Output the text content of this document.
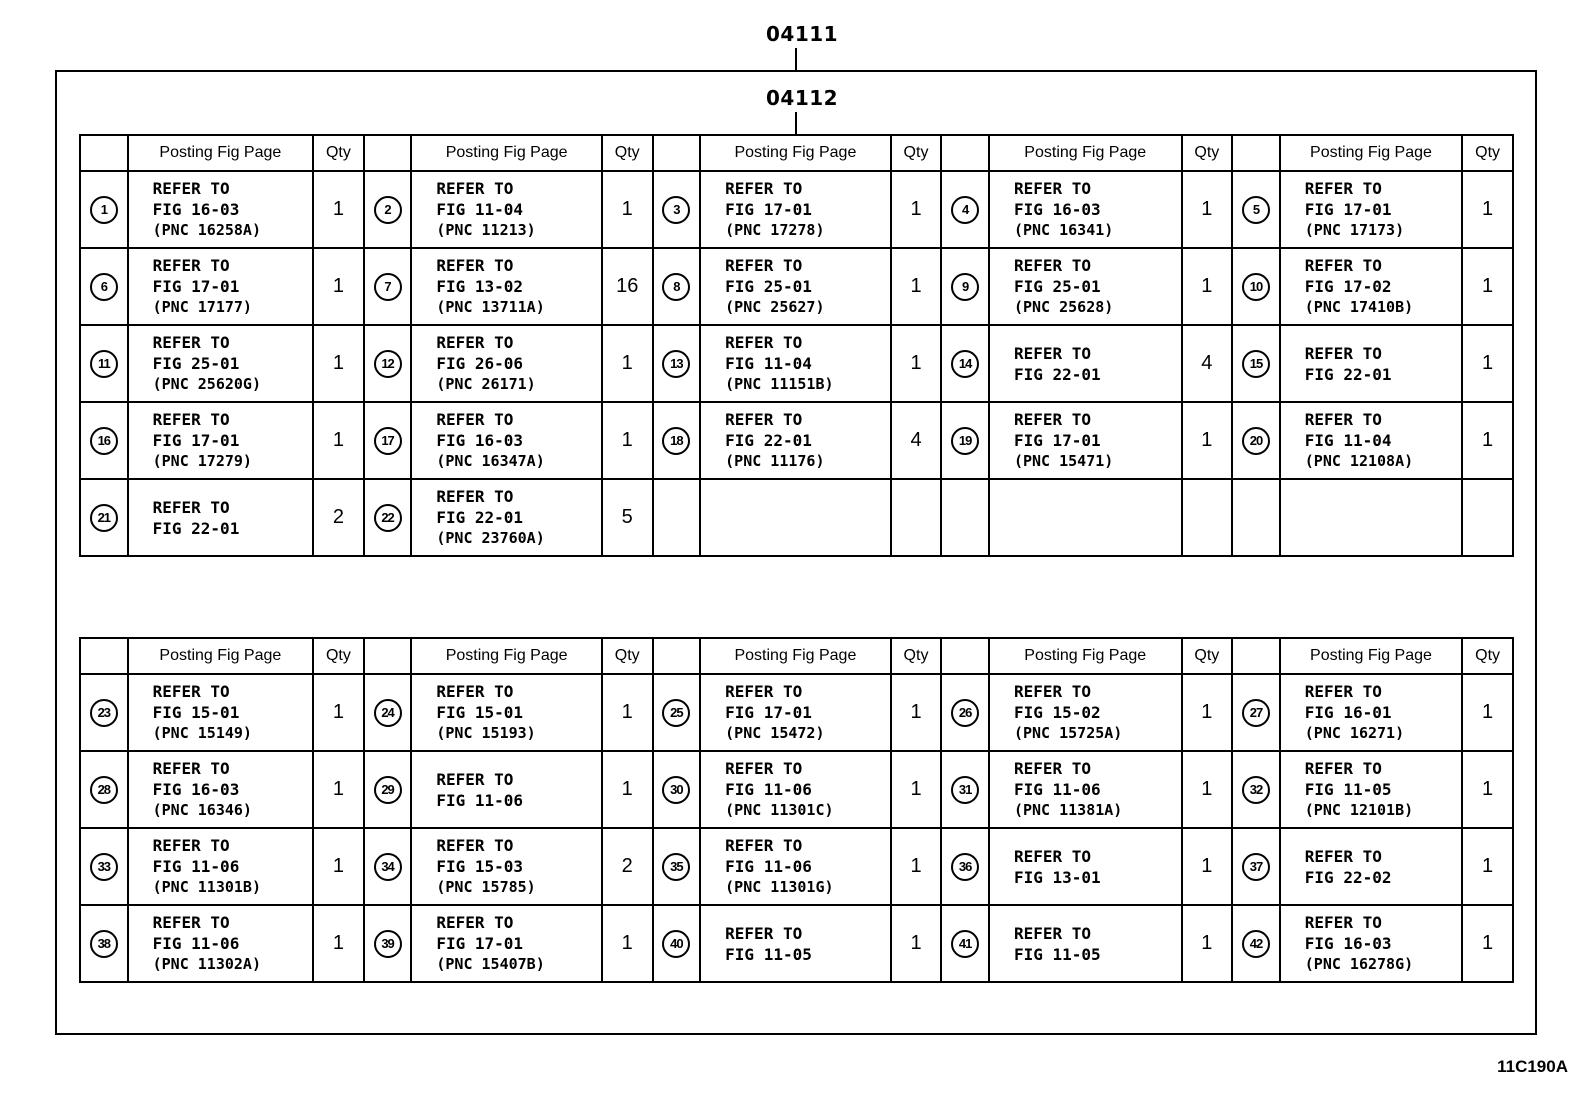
04111
04112
	Posting Fig Page	Qty		Posting Fig Page	Qty		Posting Fig Page	Qty		Posting Fig Page	Qty		Posting Fig Page	Qty
1	REFER TO
FIG 16-03
(PNC 16258A)	1	2	REFER TO
FIG 11-04
(PNC 11213)	1	3	REFER TO
FIG 17-01
(PNC 17278)	1	4	REFER TO
FIG 16-03
(PNC 16341)	1	5	REFER TO
FIG 17-01
(PNC 17173)	1
6	REFER TO
FIG 17-01
(PNC 17177)	1	7	REFER TO
FIG 13-02
(PNC 13711A)	16	8	REFER TO
FIG 25-01
(PNC 25627)	1	9	REFER TO
FIG 25-01
(PNC 25628)	1	10	REFER TO
FIG 17-02
(PNC 17410B)	1
11	REFER TO
FIG 25-01
(PNC 25620G)	1	12	REFER TO
FIG 26-06
(PNC 26171)	1	13	REFER TO
FIG 11-04
(PNC 11151B)	1	14	REFER TO
FIG 22-01	4	15	REFER TO
FIG 22-01	1
16	REFER TO
FIG 17-01
(PNC 17279)	1	17	REFER TO
FIG 16-03
(PNC 16347A)	1	18	REFER TO
FIG 22-01
(PNC 11176)	4	19	REFER TO
FIG 17-01
(PNC 15471)	1	20	REFER TO
FIG 11-04
(PNC 12108A)	1
21	REFER TO
FIG 22-01	2	22	REFER TO
FIG 22-01
(PNC 23760A)	5									
	Posting Fig Page	Qty		Posting Fig Page	Qty		Posting Fig Page	Qty		Posting Fig Page	Qty		Posting Fig Page	Qty
23	REFER TO
FIG 15-01
(PNC 15149)	1	24	REFER TO
FIG 15-01
(PNC 15193)	1	25	REFER TO
FIG 17-01
(PNC 15472)	1	26	REFER TO
FIG 15-02
(PNC 15725A)	1	27	REFER TO
FIG 16-01
(PNC 16271)	1
28	REFER TO
FIG 16-03
(PNC 16346)	1	29	REFER TO
FIG 11-06	1	30	REFER TO
FIG 11-06
(PNC 11301C)	1	31	REFER TO
FIG 11-06
(PNC 11381A)	1	32	REFER TO
FIG 11-05
(PNC 12101B)	1
33	REFER TO
FIG 11-06
(PNC 11301B)	1	34	REFER TO
FIG 15-03
(PNC 15785)	2	35	REFER TO
FIG 11-06
(PNC 11301G)	1	36	REFER TO
FIG 13-01	1	37	REFER TO
FIG 22-02	1
38	REFER TO
FIG 11-06
(PNC 11302A)	1	39	REFER TO
FIG 17-01
(PNC 15407B)	1	40	REFER TO
FIG 11-05	1	41	REFER TO
FIG 11-05	1	42	REFER TO
FIG 16-03
(PNC 16278G)	1
11C190A
